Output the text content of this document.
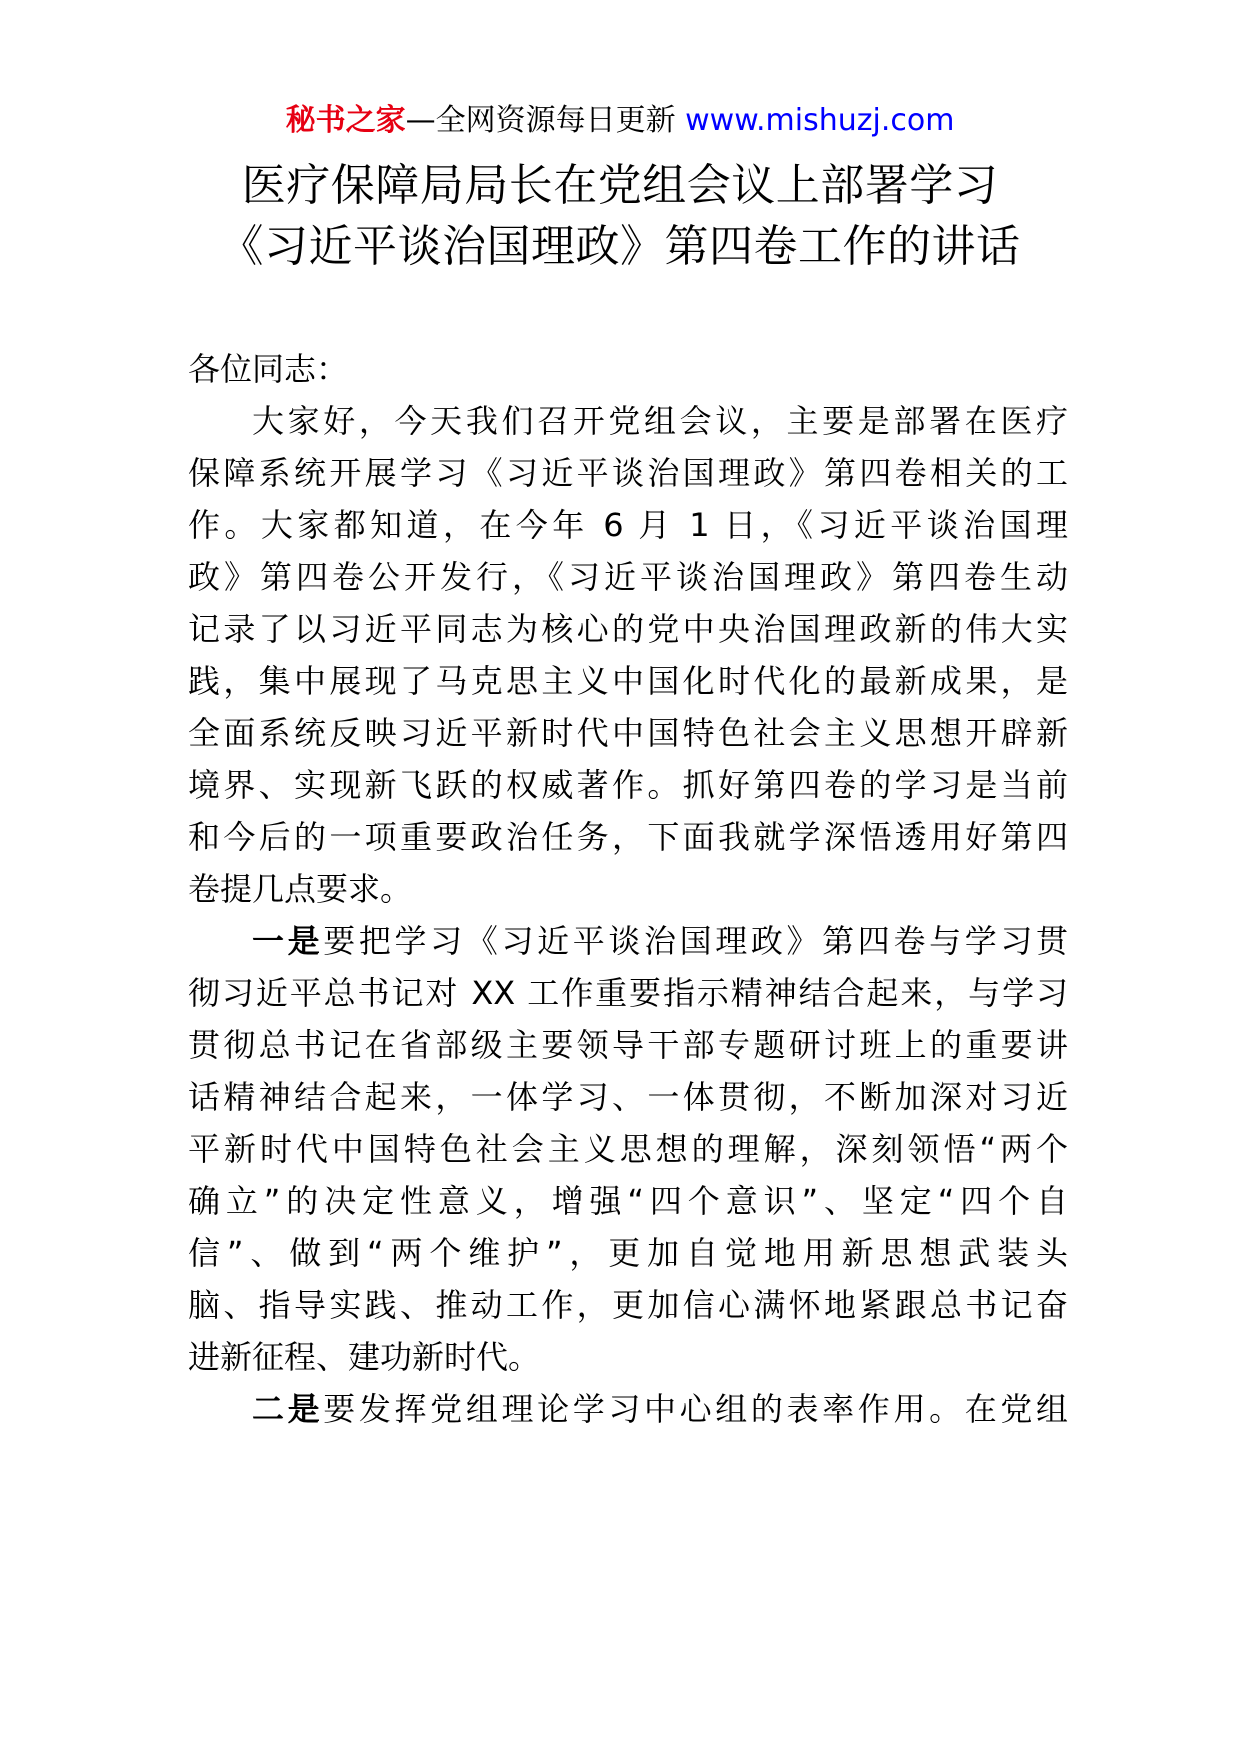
秘书之家—全网资源每日更新 www.mishuzj.com
医疗保障局局长在党组会议上部署学习
《习近平谈治国理政》第四卷工作的讲话
各位同志：
大家好，今天我们召开党组会议，主要是部署在医疗
保障系统开展学习《习近平谈治国理政》第四卷相关的工
作。大家都知道，在今年 6 月 1 日，《习近平谈治国理
政》第四卷公开发行，《习近平谈治国理政》第四卷生动
记录了以习近平同志为核心的党中央治国理政新的伟大实
践，集中展现了马克思主义中国化时代化的最新成果，是
全面系统反映习近平新时代中国特色社会主义思想开辟新
境界、实现新飞跃的权威著作。抓好第四卷的学习是当前
和今后的一项重要政治任务，下面我就学深悟透用好第四
卷提几点要求。
一是要把学习《习近平谈治国理政》第四卷与学习贯
彻习近平总书记对 XX 工作重要指示精神结合起来，与学习
贯彻总书记在省部级主要领导干部专题研讨班上的重要讲
话精神结合起来，一体学习、一体贯彻，不断加深对习近
平新时代中国特色社会主义思想的理解，深刻领悟“两个
确立”的决定性意义，增强“四个意识”、坚定“四个自
信”、做到“两个维护”，更加自觉地用新思想武装头
脑、指导实践、推动工作，更加信心满怀地紧跟总书记奋
进新征程、建功新时代。
二是要发挥党组理论学习中心组的表率作用。在党组
